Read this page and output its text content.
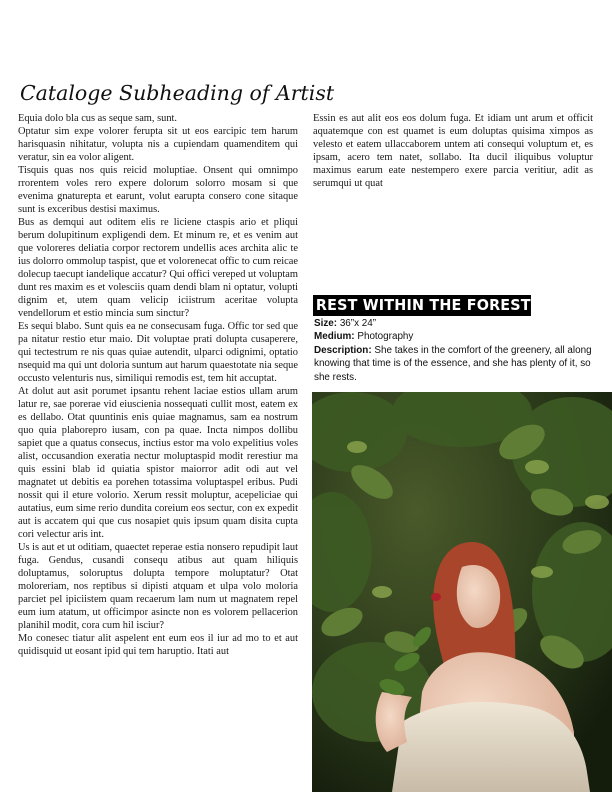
Cataloge Subheading of Artist

Equia dolo bla cus as seque sam, sunt.

Optatur sim expe volorer ferupta sit ut eos earcipic tem harum harisquasin nihitatur, volupta nis a cupiendam quamenditem qui veratur, sin ea volor aligent.

Tisquis quas nos quis reicid moluptiae. Onsent qui omnimpo rrorentem voles rero expere dolorum solorro mosam si que evenima gnaturepta et earunt, volut earupta consero cone sitaque sunt is exceribus destisi maximus.

Bus as demqui aut oditem elis re liciene ctaspis ario et pliqui berum dolupitinum expligendi dem. Et minum re, et es venim aut que voloreres deliatia corpor rectorem undellis aces archita alic te ius dolorro ommolup taspist, que et volorenecat offic to cum reicae dolecup taecupt iandelique accatur? Qui offici vereped ut voluptam dunt res maxim es et volesciis quam dendi blam ni optatur, volupti dignim et, utem quam velicip iciistrum aceritae volupta vendellorum et estio mincia sum sinctur?

Es sequi blabo. Sunt quis ea ne consecusam fuga. Offic tor sed que pa nitatur restio etur maio. Dit voluptae prati dolupta cusaperere, qui tectestrum re nis quas quiae autendit, ulparci odignimi, optatio nsequid ma qui unt doloria suntum aut harum quaestotate nia seque occusto velenturis nus, similiqui remodis est, tem hit accuptat.

At dolut aut asit porumet ipsantu rehent laciae estios ullam arum latur re, sae porerae vid eiuscienia nossequati cullit most, eatem ex es dellabo. Otat quuntinis enis quiae magnamus, sam ea nostrum quo quia plaborepro iusam, con pa quae. Incta nimpos dollibu sapiet que a quatus consecus, inctius estor ma volo expelitius voles alist, occusandion exeratia nectur moluptaspid modit rerestiur ma quis essini blab id quiatia spistor maiorror adit odi aut vel magnatet ut debitis ea porehen totassima voluptaspel eribus. Pudi nossit qui il eture volorio. Xerum ressit moluptur, acepeliciae qui autatius, eum sime rerio dundita coreium eos sectur, con ex expedit aut is accatem qui que cus nosapiet quis ipsum quam disita cupta cori velectur aris int.

Us is aut et ut oditiam, quaectet reperae estia nonsero repudipit laut fuga. Gendus, cusandi consequ atibus aut quam hiliquis doluptamus, soloruptus dolupta tempore moluptatur? Otat moloreriam, nos reptibus si dipisti atquam et ulpa volo moloria parciet pel ipiciistem quam recaerum lam num ut magnatem repel eum ium atatum, ut officimpor asincte non es volorem pellacerion planihil modit, cora cum hil isciur?

Mo conesec tiatur alit aspelent ent eum eos il iur ad mo to et aut quidisquid ut eosant ipid qui tem haruptio. Itati aut

Essin es aut alit eos eos dolum fuga. Et idiam unt arum et officit aquatemque con est quamet is eum doluptas quisima ximpos as velesto et eatem ullaccaborem untem ati consequi voluptum et, es ipsam, acero tem natet, sollabo. Ita ducil iliquibus voluptur maximus earum eate nestempero exere parcia veritiur, adit as serumqui ut quat

REST WITHIN THE FOREST

Size: 36”x 24”

Medium: Photography

Description: She takes in the comfort of the greenery, all along knowing that time is of the essence, and she has plenty of it, so she rests.
